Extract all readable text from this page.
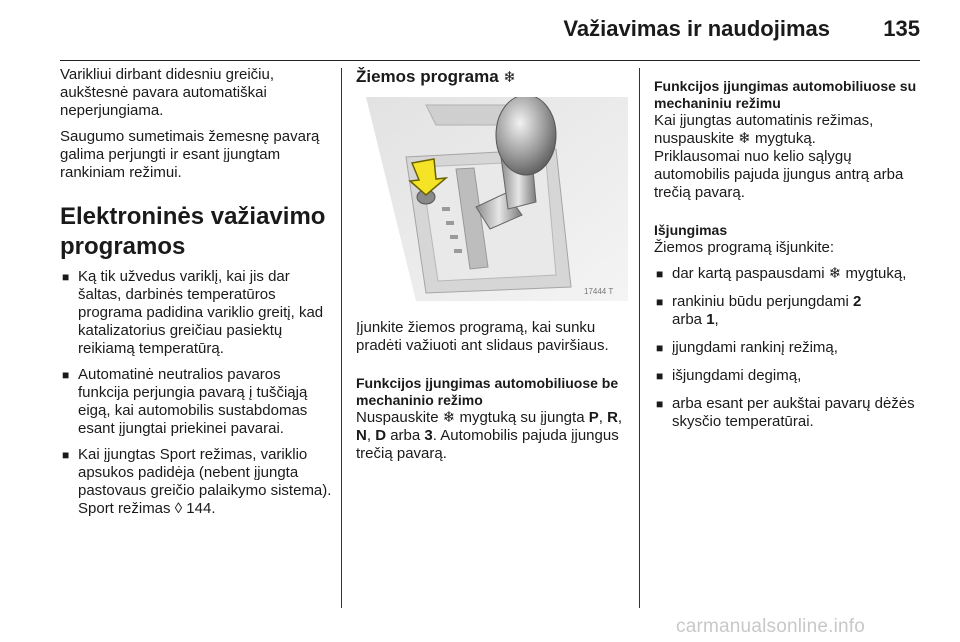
Važiavimas ir naudojimas 135

Varikliui dirbant didesniu greičiu, aukštesnė pavara automatiškai neperjungiama.

Saugumo sumetimais žemesnę pavarą galima perjungti ir esant įjungtam rankiniam režimui.

Elektroninės važiavimo programos
■ Ką tik užvedus variklį, kai jis dar šaltas, darbinės temperatūros programa padidina variklio greitį, kad katalizatorius greičiau pasiektų reikiamą temperatūrą.
■ Automatinė neutralios pavaros funkcija perjungia pavarą į tuščiąją eigą, kai automobilis sustabdomas esant įjungtai priekinei pavarai.
■ Kai įjungtas Sport režimas, variklio apsukos padidėja (nebent įjungta pastovaus greičio palaikymo sistema). Sport režimas ◊ 144.
Žiemos programa ❄
17444 T

Įjunkite žiemos programą, kai sunku pradėti važiuoti ant slidaus paviršiaus.

Funkcijos įjungimas automobiliuose be mechaninio režimo

Nuspauskite ❄ mygtuką su įjungta P, R, N, D arba 3. Automobilis pajuda įjungus trečią pavarą.

Funkcijos įjungimas automobiliuose su mechaniniu režimu

Kai įjungtas automatinis režimas, nuspauskite ❄ mygtuką.
Priklausomai nuo kelio sąlygų automobilis pajuda įjungus antrą arba trečią pavarą.

Išjungimas

Žiemos programą išjunkite:

■ dar kartą paspausdami ❄ mygtuką,
■ rankiniu būdu perjungdami 2
arba 1,
■ įjungdami rankinį režimą,
■ išjungdami degimą,
■ arba esant per aukštai pavarų dėžės skysčio temperatūrai.
carmanualsonline.info
